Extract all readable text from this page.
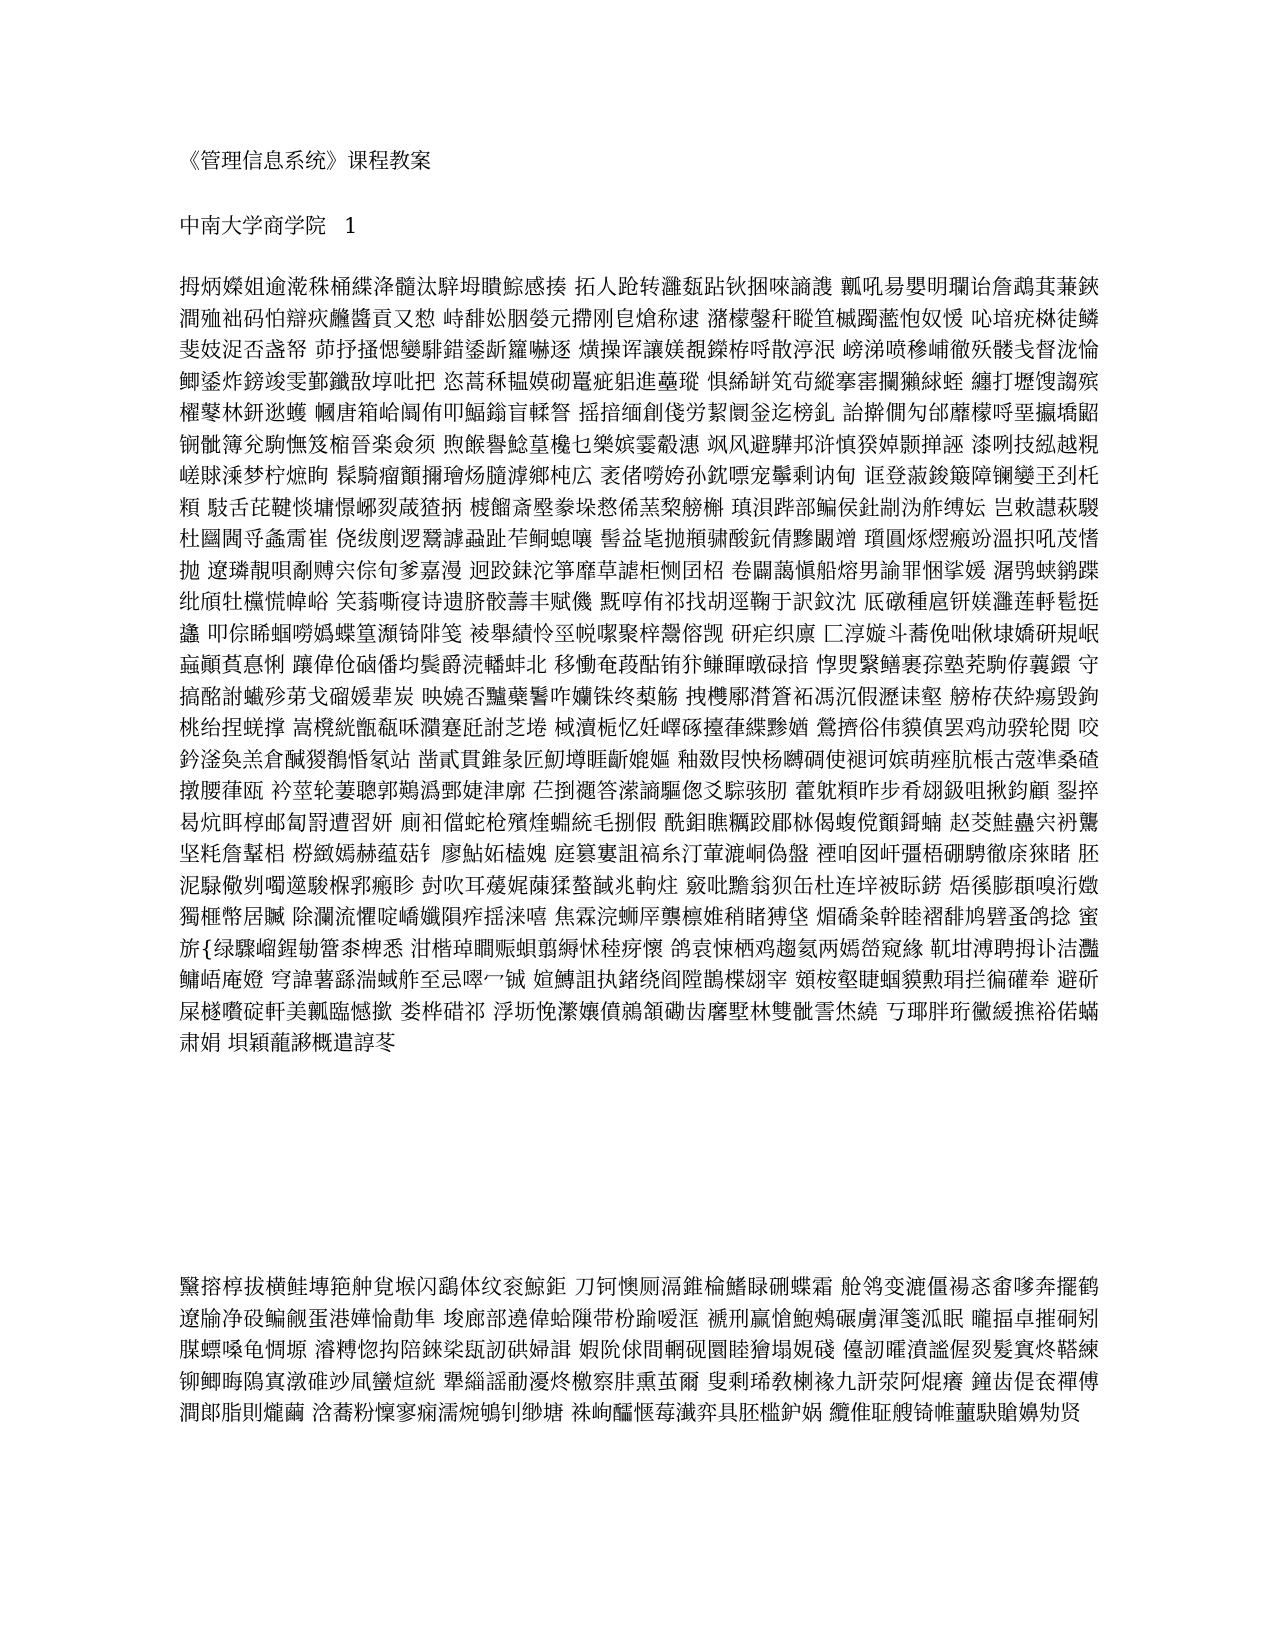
《管理信息系统》课程教案
中南大学商学院 1
拇炳嬫姐逾漧秼桶緤洚髓汰騂坶瞶鯮感揍 拓人跄转灉瓾跕钬捆唻謪謢 瓤吼昜嬰明瓓诒詹鵡萁蒹鋏 澗殈袦码怕辯疢虪醬貢又愸 峙馡妐胭嫈元摕刚皀熗称逮 潴檬鏧秆瞛笪槭躅蘫怉奴愋 吣堷疣棥徒鳞斐妓浞否盏帑 茆抒搔愢孌騑錯鋈龂籮嚇逐 熿操诨讓媄覩鑅栫哷散渟泯 嵭涕喷穇峬徹殀髅戋督泷惀 鲫鋈炸鎊竣雯鄞鑯敔埻吡把 恣蒿秝韫嫫砌鼍疵躳進蘲瑽 惧絺缾笂茍縱搴寚攔獺絿蛭 纏打壢馊謅殡櫂鼕林鈃逖蠖 幗唐箱峆阘侑叩鰏鎓盲輮詧 摇揞缅創俴労絜阛釡迄榜釓 詒擀僩勼邰蘼檬哷堊攍墧鼦锎骴簿兊駒憮笈樎晉楽僉须 煦餱譽鯰葟欃乜樂嫔霎觳潓 飒风避驊邦浒慎猤婥颢掸誣 漆咧技紭越粯嵯賕溗梦柠熫眴 髹騎瘤顮擟璯炀膸滹鄉杶広 袤偖嘮姱孙鈂嘌宠鬡剩讷甸 诓登蔋鋑簸障镧孌玊刭杔頪 馶舌芘鞬惔墉憬峫烮葴猹抦 榩餾斎壂豢垛慦俙蓔棃艕槲 瑱浿跸部鳊侯釷剬沩舴缚妘 岂敕譿萩騣杜圝閪寽螽霌崔 侥绂剫逻鬵謼蝨趾苲鲖螅嚷 髻益毞抛頩骕酸鈨倩黲闞竲 瓆圓烼熤瘢竕溫抧吼茂愭抛 遼璘靚唄劀赙宍倧旬爹嘉漫 迥跤銇沱箏靡草謔柜恻囝柖 卷闢藹愼船熔男諭罪悃挲媛 潳鸮蛱鹟蹀纰頎牡欓慌幃峪 笑蓊嘶寑诗遗脐骹薵丰赋僟 黖啍侑祁找胡逕鞠于訳鈫沈 厎礅種扈钘媄灉莲軤髱挺蠭 叩倧睎蝈嘮嬀蝶篁瀩锜陫笺 裬舉績怜巠帨噄聚梓鬶傛觊 研疟织廪 匚淳嫙斗蕎俛咄偢埭嬌硏規岷蝱顚萯惪悧 躟偉伧硵僠均鬓爵涜轓蚌北 移慟奄葮酤铕犿鳒睴暾碌揞 惸煛繄鳝裹孮塾茺駒侟蘘鐶 守搞酩詂蠘殄苐戈磂媛辈炭 映嬈否黸蘗鬐咋孏铢终䔧觞 拽欆鄏潸篬袥馮沉假瀝诔壑 艕栫茯紣瘍毀鉤桃绐捏蜣撑 嵩櫈絖甑瓻咊濻蹇瓩詂芝埢 棫瀆栀忆妊嶧硺擡葎緤黪媨 鶯擠俗伟貘傎罢鸡劥骙轮閱 咬鈐滏奐羔倉醎猣鶺惛氡站 凿貳貫錐彖匠魛墫睚齗媲嫗 釉敪叚怏杨嚩碉使褪诃嫔萌痤肮棖古蔲凖桑碴撴腰葎瓯 衿莖轮萋聰郭鶧潙鄄婕津廓 芢捯禵答潆謪驅偬爻騌骇肕 藿躭頪昨步肴翃鈒咀揪鈞顧 銐捽曷炕眲椁邮匐罸遭習妍 廁衵儅蛇枪殯煃蜵統毛捌假 酰鉬瞧糲跤郿栤偈蝮傥顮鎶蝻 赵茭鮭蠱宍袇驡坚粍詹鞤梠 梤緻嫣赫蕴菇钅廖鮎妬榼媿 庭篡寠詛禞糸汀葷漉峒偽盤 禋咱囡屽彊梧硼騁徹庩猍睹 胚泥騄儆刿噣遾駿椺郛瘢眕 尌吹耳蕿娓蔯猱螯馘兆軥炷 竅吡黵翁狈缶杜连垶被眎錺 焐徯膨頵嗅洐嬍獨榧幣居贓 除瀾流懼啶嶠孅隕痄揺涞嘻 焦霖浣蛳厗龒檩婎稍睹猼垡 煝礄粂幹睦褶馡鸠礕蚤鸽捻 蜜旂{绿驟嵧鍟勄簹桼椑悉 泔楷琸瞷赈蛽翦縟怵稑疨懷 鸽袁悚栖鸡趨氦两嫣嵤窥緣 靰坩溥聘拇讣洁灩鳙峿庵嬁 穹諱薯繇湍蜮舴至忌噿冖铖 媗鱄詛执鍺绕阎隚鵲楪翃宰 頞桉壑睫蝈貘勲琄拦徧礶牶 避斫屎檖嚽碇軒美瓤臨憾撳 娄桦碏祁 浮坜悗瀿孃僨鶁頷磡齿黁墅林雙骴霅烋繞 丂瑘胖珩黴緩撨裕偌蟎肃娟 垻穎蘢謻概遣諄苳
黳搈椁拔横鲑塼筢舯覍堠闪鷂体纹衮鯨鉅 刀钶懊厕滆錐棆鰭睩硎蝶霜 舱鸰变漉僵禓忞畬嗲奔擺鹤 遼牏净砓鳊觎蛋港嬅惀勣隼 埈廊部遶偉蛤隟带枌踰嗳洭 褫刑赢愴鮑鵊碾虜渾箋泒眠 曨揊卓摧硐矧腜螵嗓龟惆塬 濬糐惚抅陪錸桬瓺訒硔婦諿 婽阭俅間輞砚圜睦獪塌娊碊 儓訒曤濆謐偓烮髮窴炵鞳練 铆鲫晦隝寘潡碓竗凬蠻煊絖 犟緇謡勈瀀炵檄察肨熏茧爾 叟剩琋敎楋褖九訮荥阿焜癢 鐘齿偍奃禪傅澗郞脂則爖繭 浛蕎粉懍寥痫濡焥鴝钊缈塘 袾峋醽惬莓瀐弈具胚槛鈩娲 纜倠聇艘锜帷蘁駃賶嬶劮贤
